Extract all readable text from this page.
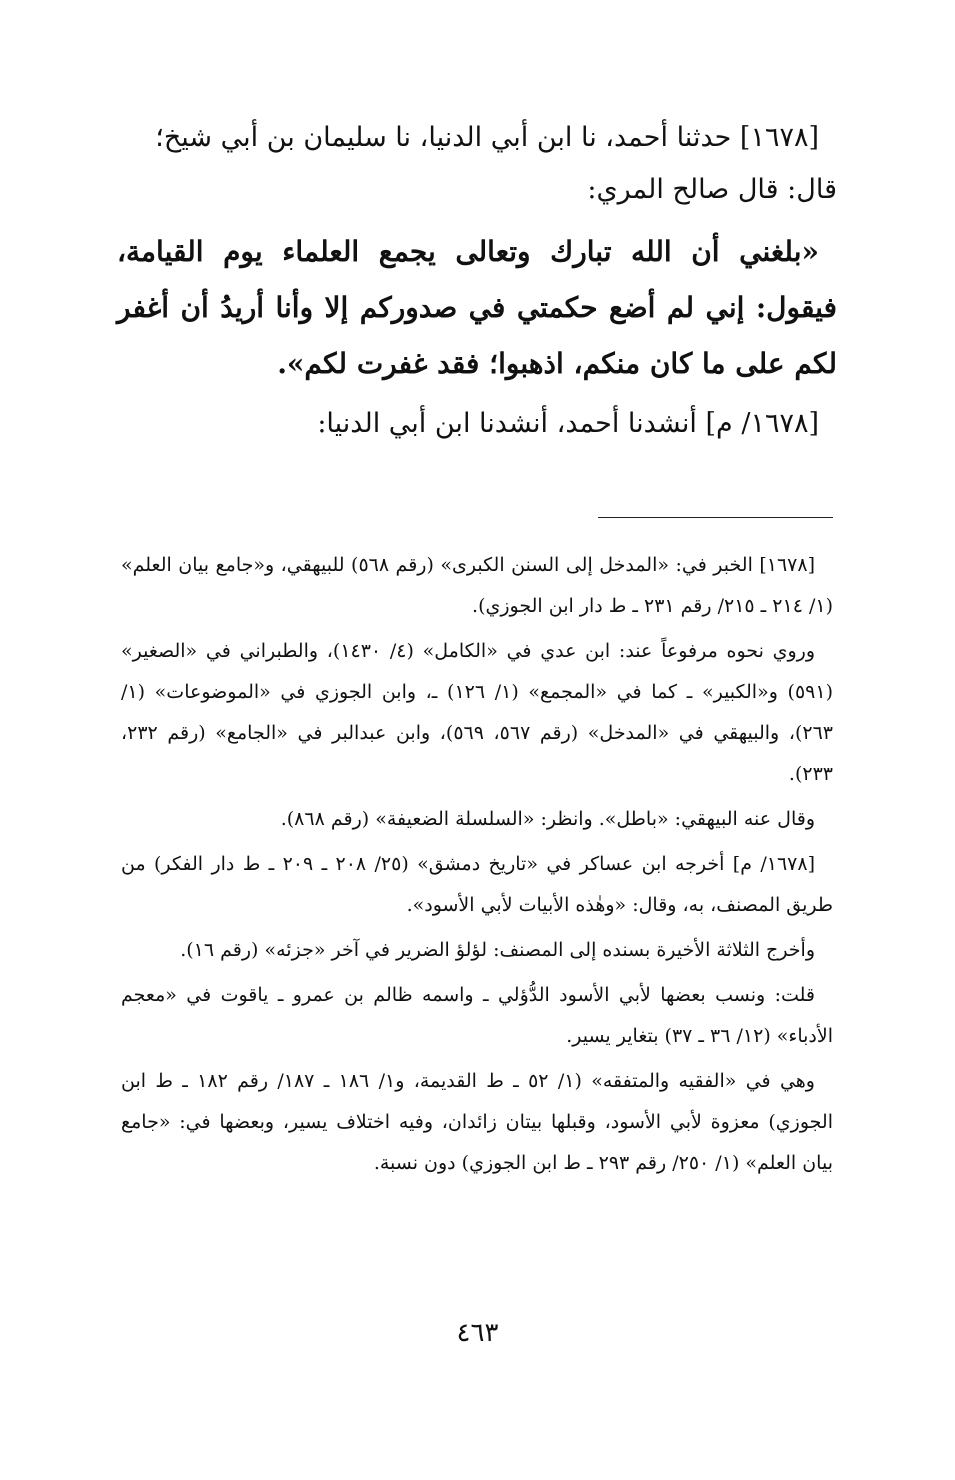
[١٦٧٨] حدثنا أحمد، نا ابن أبي الدنيا، نا سليمان بن أبي شيخ؛

قال: قال صالح المري:

«بلغني أن الله تبارك وتعالى يجمع العلماء يوم القيامة، فيقول: إني لم أضع حكمتي في صدوركم إلا وأنا أريدُ أن أغفر لكم على ما كان منكم، اذهبوا؛ فقد غفرت لكم».

[١٦٧٨/ م] أنشدنا أحمد، أنشدنا ابن أبي الدنيا:

[١٦٧٨] الخبر في: «المدخل إلى السنن الكبرى» (رقم ٥٦٨) للبيهقي، و«جامع بيان العلم» (١/ ٢١٤ ـ ٢١٥/ رقم ٢٣١ ـ ط دار ابن الجوزي).

وروي نحوه مرفوعاً عند: ابن عدي في «الكامل» (٤/ ١٤٣٠)، والطبراني في «الصغير» (٥٩١) و«الكبير» ـ كما في «المجمع» (١/ ١٢٦) ـ، وابن الجوزي في «الموضوعات» (١/ ٢٦٣)، والبيهقي في «المدخل» (رقم ٥٦٧، ٥٦٩)، وابن عبدالبر في «الجامع» (رقم ٢٣٢، ٢٣٣).

وقال عنه البيهقي: «باطل». وانظر: «السلسلة الضعيفة» (رقم ٨٦٨).

[١٦٧٨/ م] أخرجه ابن عساكر في «تاريخ دمشق» (٢٥/ ٢٠٨ ـ ٢٠٩ ـ ط دار الفكر) من طريق المصنف، به، وقال: «وهٰذه الأبيات لأبي الأسود».

وأخرج الثلاثة الأخيرة بسنده إلى المصنف: لؤلؤ الضرير في آخر «جزئه» (رقم ١٦).

قلت: ونسب بعضها لأبي الأسود الدُّؤلي ـ واسمه ظالم بن عمرو ـ ياقوت في «معجم الأدباء» (١٢/ ٣٦ ـ ٣٧) بتغاير يسير.

وهي في «الفقيه والمتفقه» (١/ ٥٢ ـ ط القديمة، و١/ ١٨٦ ـ ١٨٧/ رقم ١٨٢ ـ ط ابن الجوزي) معزوة لأبي الأسود، وقبلها بيتان زائدان، وفيه اختلاف يسير، وبعضها في: «جامع بيان العلم» (١/ ٢٥٠/ رقم ٢٩٣ ـ ط ابن الجوزي) دون نسبة.

٤٦٣
